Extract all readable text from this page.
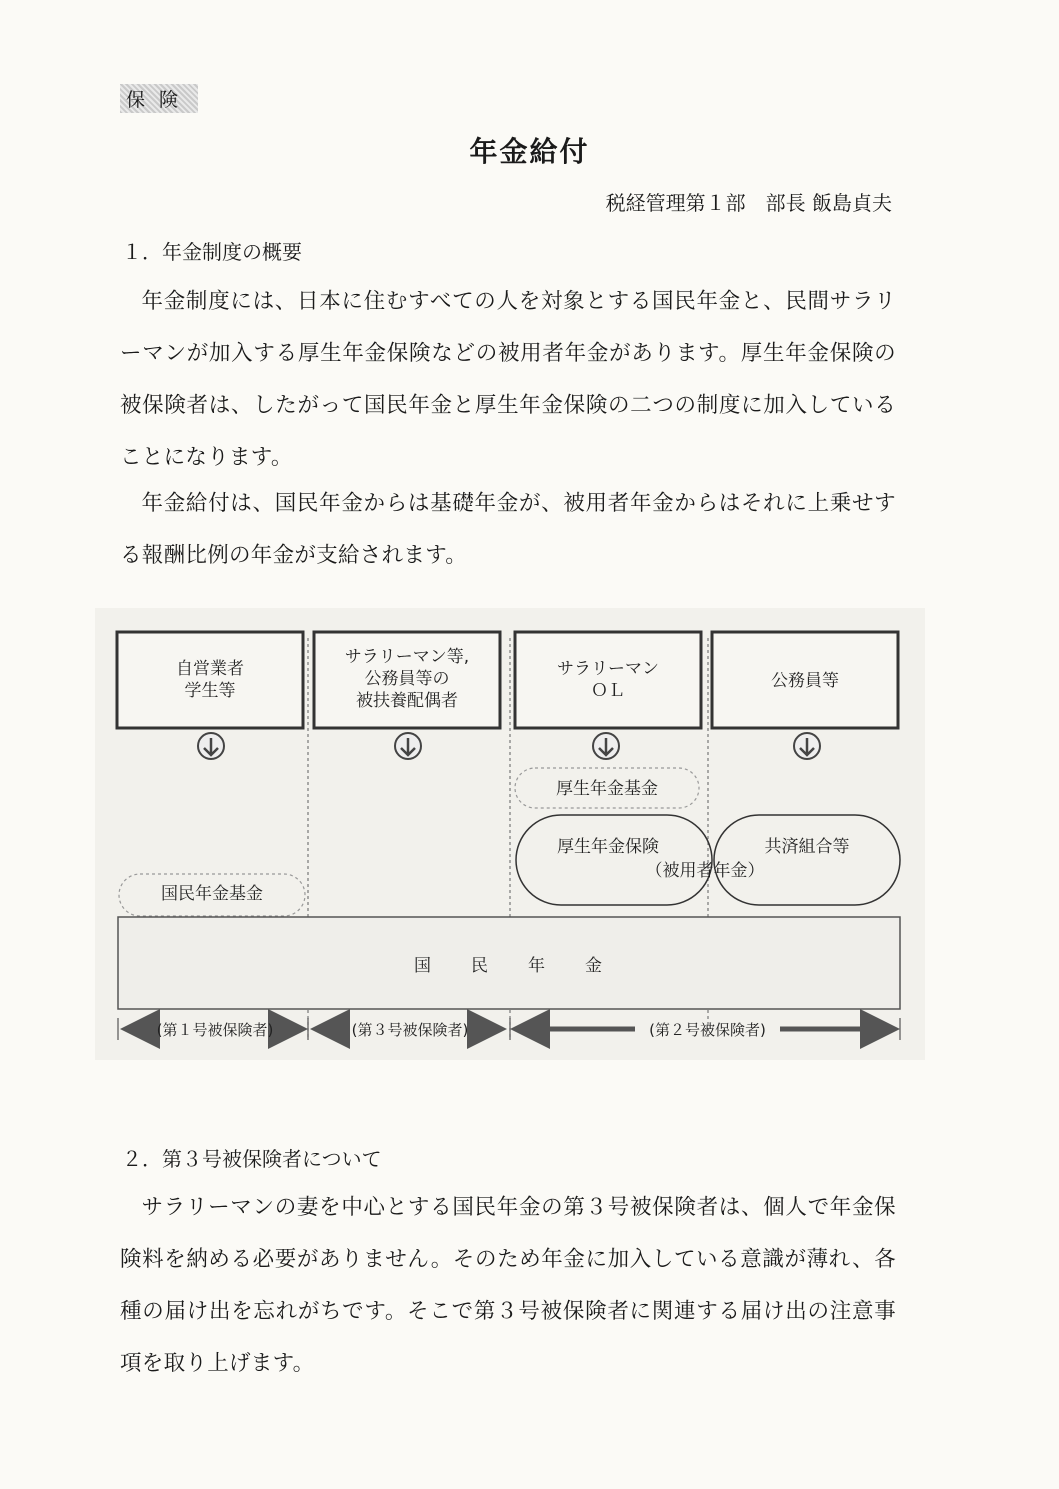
保険
年金給付
税経管理第１部　部長 飯島貞夫
１．年金制度の概要
年金制度には、日本に住むすべての人を対象とする国民年金と、民間サラリーマンが加入する厚生年金保険などの被用者年金があります。厚生年金保険の被保険者は、したがって国民年金と厚生年金保険の二つの制度に加入していることになります。
年金給付は、国民年金からは基礎年金が、被用者年金からはそれに上乗せする報酬比例の年金が支給されます。
自営業者
学生等
サラリーマン等,
公務員等の
被扶養配偶者
サラリーマン
ＯＬ	公務員等
国民年金基金
厚生年金基金
厚生年金保険	共済組合等
（被用者年金）
国　　民　　年　　金
(第１号被保険者)	(第３号被保険者)	(第２号被保険者)
２．第３号被保険者について
サラリーマンの妻を中心とする国民年金の第３号被保険者は、個人で年金保険料を納める必要がありません。そのため年金に加入している意識が薄れ、各種の届け出を忘れがちです。そこで第３号被保険者に関連する届け出の注意事項を取り上げます。
